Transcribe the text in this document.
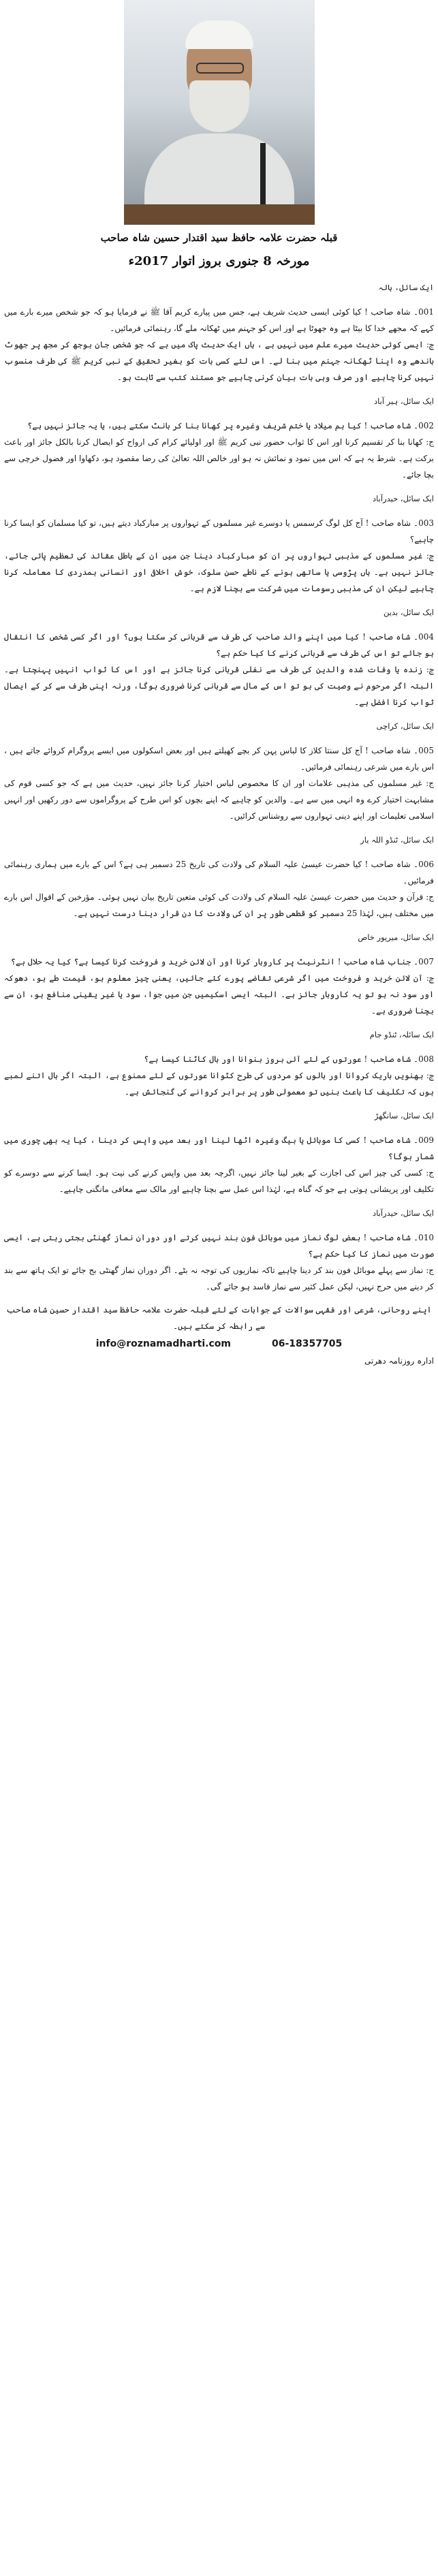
قبلہ حضرت علامہ حافظ سید اقتدار حسین شاہ صاحب
مورخہ 8 جنوری بروز اتوار 2017ء

ایک سائل، ہالہ

001۔ شاہ صاحب ! کیا کوئی ایسی حدیث شریف ہے، جس میں پیارے کریم آقا ﷺ نے فرمایا ہو کہ جو شخص میرے بارے میں کہے کہ مجھے خدا کا بیٹا ہے وہ جھوٹا ہے اور اس کو جہنم میں ٹھکانہ ملے گا، رہنمائی فرمائیں۔

ج: ایسی کوئی حدیث میرے علم میں نہیں ہے ، ہاں ایک حدیث پاک میں ہے کہ جو شخص جان بوجھ کر مجھ پر جھوٹ باندھے وہ اپنا ٹھکانہ جہنم میں بنا لے۔ اس لئے کسی بات کو بغیر تحقیق کے نبی کریم ﷺ کی طرف منسوب نہیں کرنا چاہیے اور صرف وہی بات بیان کرنی چاہیے جو مستند کتب سے ثابت ہو۔

ایک سائل، ہیر آباد

002۔ شاہ صاحب ! کیا ہم میلاد یا ختم شریف وغیرہ پر کھانا بنا کر بانٹ سکتے ہیں، یا یہ جائز نہیں ہے؟

ج: کھانا بنا کر تقسیم کرنا اور اس کا ثواب حضور نبی کریم ﷺ اور اولیائے کرام کی ارواح کو ایصال کرنا بالکل جائز اور باعث برکت ہے۔ شرط یہ ہے کہ اس میں نمود و نمائش نہ ہو اور خالص اللہ تعالیٰ کی رضا مقصود ہو، دکھاوا اور فضول خرچی سے بچا جائے۔

ایک سائل، حیدرآباد

003۔ شاہ صاحب ! آج کل لوگ کرسمس یا دوسرے غیر مسلموں کے تہواروں پر مبارکباد دیتے ہیں، تو کیا مسلمان کو ایسا کرنا چاہیے؟

ج: غیر مسلموں کے مذہبی تہواروں پر ان کو مبارکباد دینا جن میں ان کے باطل عقائد کی تعظیم پائی جائے، جائز نہیں ہے۔ ہاں پڑوسی یا ساتھی ہونے کے ناطے حسن سلوک، خوش اخلاقی اور انسانی ہمدردی کا معاملہ کرنا چاہیے لیکن ان کی مذہبی رسومات میں شرکت سے بچنا لازم ہے۔

ایک سائل، بدین

004۔ شاہ صاحب ! کیا میں اپنے والد صاحب کی طرف سے قربانی کر سکتا ہوں؟ اور اگر کسی شخص کا انتقال ہو جائے تو اس کی طرف سے قربانی کرنے کا کیا حکم ہے؟

ج: زندہ یا وفات شدہ والدین کی طرف سے نفلی قربانی کرنا جائز ہے اور اس کا ثواب انہیں پہنچتا ہے۔ البتہ اگر مرحوم نے وصیت کی ہو تو اس کے مال سے قربانی کرنا ضروری ہوگا، ورنہ اپنی طرف سے کر کے ایصال ثواب کرنا افضل ہے۔

ایک سائل، کراچی

005۔ شاہ صاحب ! آج کل سنتا کلاز کا لباس پہن کر بچے کھیلتے ہیں اور بعض اسکولوں میں ایسے پروگرام کروائے جاتے ہیں ، اس بارے میں شرعی رہنمائی فرمائیں۔

ج: غیر مسلموں کی مذہبی علامات اور ان کا مخصوص لباس اختیار کرنا جائز نہیں، حدیث میں ہے کہ جو کسی قوم کی مشابہت اختیار کرے وہ انہی میں سے ہے۔ والدین کو چاہیے کہ اپنے بچوں کو اس طرح کے پروگراموں سے دور رکھیں اور انہیں اسلامی تعلیمات اور اپنے دینی تہواروں سے روشناس کرائیں۔

ایک سائل، ٹنڈو اللہ یار

006۔ شاہ صاحب ! کیا حضرت عیسیٰ علیہ السلام کی ولادت کی تاریخ 25 دسمبر ہی ہے؟ اس کے بارے میں ہماری رہنمائی فرمائیں۔

ج: قرآن و حدیث میں حضرت عیسیٰ علیہ السلام کی ولادت کی کوئی متعین تاریخ بیان نہیں ہوئی۔ مؤرخین کے اقوال اس بارے میں مختلف ہیں، لہٰذا 25 دسمبر کو قطعی طور پر ان کی ولادت کا دن قرار دینا درست نہیں ہے۔

ایک سائل، میرپور خاص

007۔ جناب شاہ صاحب ! انٹرنیٹ پر کاروبار کرنا اور آن لائن خرید و فروخت کرنا کیسا ہے؟ کیا یہ حلال ہے؟

ج: آن لائن خرید و فروخت میں اگر شرعی تقاضے پورے کئے جائیں، یعنی چیز معلوم ہو، قیمت طے ہو، دھوکہ اور سود نہ ہو تو یہ کاروبار جائز ہے۔ البتہ ایسی اسکیمیں جن میں جوا، سود یا غیر یقینی منافع ہو، ان سے بچنا ضروری ہے۔

ایک سائلہ، ٹنڈو جام

008۔ شاہ صاحب ! عورتوں کے لئے آئی بروز بنوانا اور بال کاٹنا کیسا ہے؟

ج: بھنویں باریک کروانا اور بالوں کو مردوں کی طرح کٹوانا عورتوں کے لئے ممنوع ہے، البتہ اگر بال اتنے لمبے ہوں کہ تکلیف کا باعث بنیں تو معمولی طور پر برابر کروانے کی گنجائش ہے۔

ایک سائل، سانگھڑ

009۔ شاہ صاحب ! کسی کا موبائل یا بیگ وغیرہ اٹھا لینا اور بعد میں واپس کر دینا ، کیا یہ بھی چوری میں شمار ہوگا؟

ج: کسی کی چیز اس کی اجازت کے بغیر لینا جائز نہیں، اگرچہ بعد میں واپس کرنے کی نیت ہو۔ ایسا کرنے سے دوسرے کو تکلیف اور پریشانی ہوتی ہے جو کہ گناہ ہے، لہٰذا اس عمل سے بچنا چاہیے اور مالک سے معافی مانگنی چاہیے۔

ایک سائل، حیدرآباد

010۔ شاہ صاحب ! بعض لوگ نماز میں موبائل فون بند نہیں کرتے اور دوران نماز گھنٹی بجتی رہتی ہے، ایسی صورت میں نماز کا کیا حکم ہے؟

ج: نماز سے پہلے موبائل فون بند کر دینا چاہیے تاکہ نمازیوں کی توجہ نہ بٹے۔ اگر دوران نماز گھنٹی بج جائے تو ایک ہاتھ سے بند کر دینے میں حرج نہیں، لیکن عمل کثیر سے نماز فاسد ہو جائے گی۔

اپنے روحانی، شرعی اور فقہی سوالات کے جوابات کے لئے قبلہ حضرت علامہ حافظ سید اقتدار حسین شاہ صاحب سے رابطہ کر سکتے ہیں۔
info@roznamadharti.com	06-18357705
ادارہ روزنامہ دھرتی
